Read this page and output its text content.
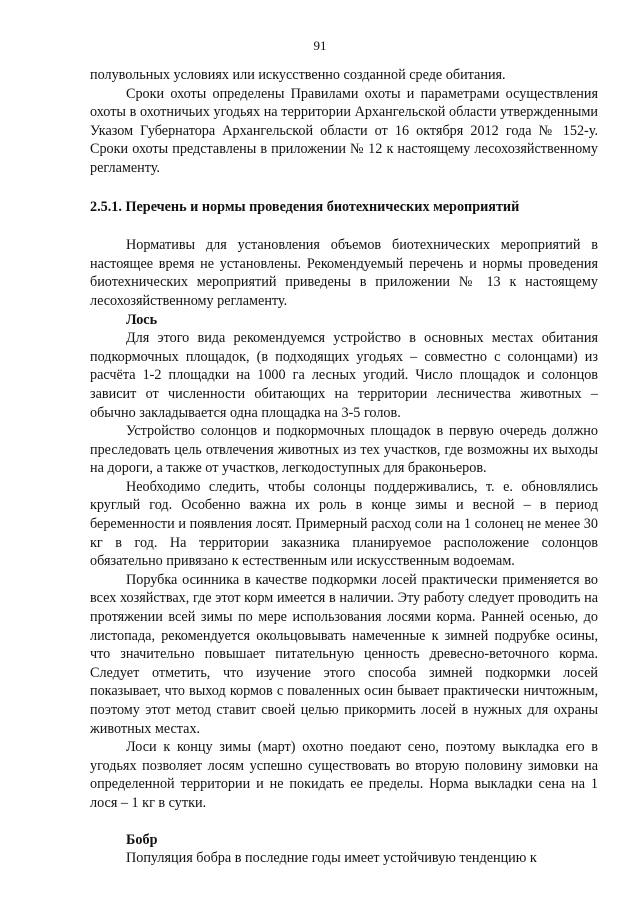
91

полувольных условиях или искусственно созданной среде обитания.

Сроки охоты определены Правилами охоты и параметрами осуществления охоты в охотничьих угодьях на территории Архангельской области утвержденными Указом Губернатора Архангельской области от 16 октября 2012 года № 152-у. Сроки охоты представлены в приложении № 12 к настоящему лесохозяйственному регламенту.

2.5.1. Перечень и нормы проведения биотехнических мероприятий

Нормативы для установления объемов биотехнических мероприятий в настоящее время не установлены. Рекомендуемый перечень и нормы проведения биотехнических мероприятий приведены в приложении № 13 к настоящему лесохозяйственному регламенту.

Лось

Для этого вида рекомендуемся устройство в основных местах обитания подкормочных площадок, (в подходящих угодьях – совместно с солонцами) из расчёта 1-2 площадки на 1000 га лесных угодий. Число площадок и солонцов зависит от численности обитающих на территории лесничества животных – обычно закладывается одна площадка на 3-5 голов.

Устройство солонцов и подкормочных площадок в первую очередь должно преследовать цель отвлечения животных из тех участков, где возможны их выходы на дороги, а также от участков, легкодоступных для браконьеров.

Необходимо следить, чтобы солонцы поддерживались, т. е. обновлялись круглый год. Особенно важна их роль в конце зимы и весной – в период беременности и появления лосят. Примерный расход соли на 1 солонец не менее 30 кг в год. На территории заказника планируемое расположение солонцов обязательно привязано к естественным или искусственным водоемам.

Порубка осинника в качестве подкормки лосей практически применяется во всех хозяйствах, где этот корм имеется в наличии. Эту работу следует проводить на протяжении всей зимы по мере использования лосями корма. Ранней осенью, до листопада, рекомендуется окольцовывать намеченные к зимней подрубке осины, что значительно повышает питательную ценность древесно-веточного корма. Следует отметить, что изучение этого способа зимней подкормки лосей показывает, что выход кормов с поваленных осин бывает практически ничтожным, поэтому этот метод ставит своей целью прикормить лосей в нужных для охраны животных местах.

Лоси к концу зимы (март) охотно поедают сено, поэтому выкладка его в угодьях позволяет лосям успешно существовать во вторую половину зимовки на определенной территории и не покидать ее пределы. Норма выкладки сена на 1 лося – 1 кг в сутки.

Бобр

Популяция бобра в последние годы имеет устойчивую тенденцию к
